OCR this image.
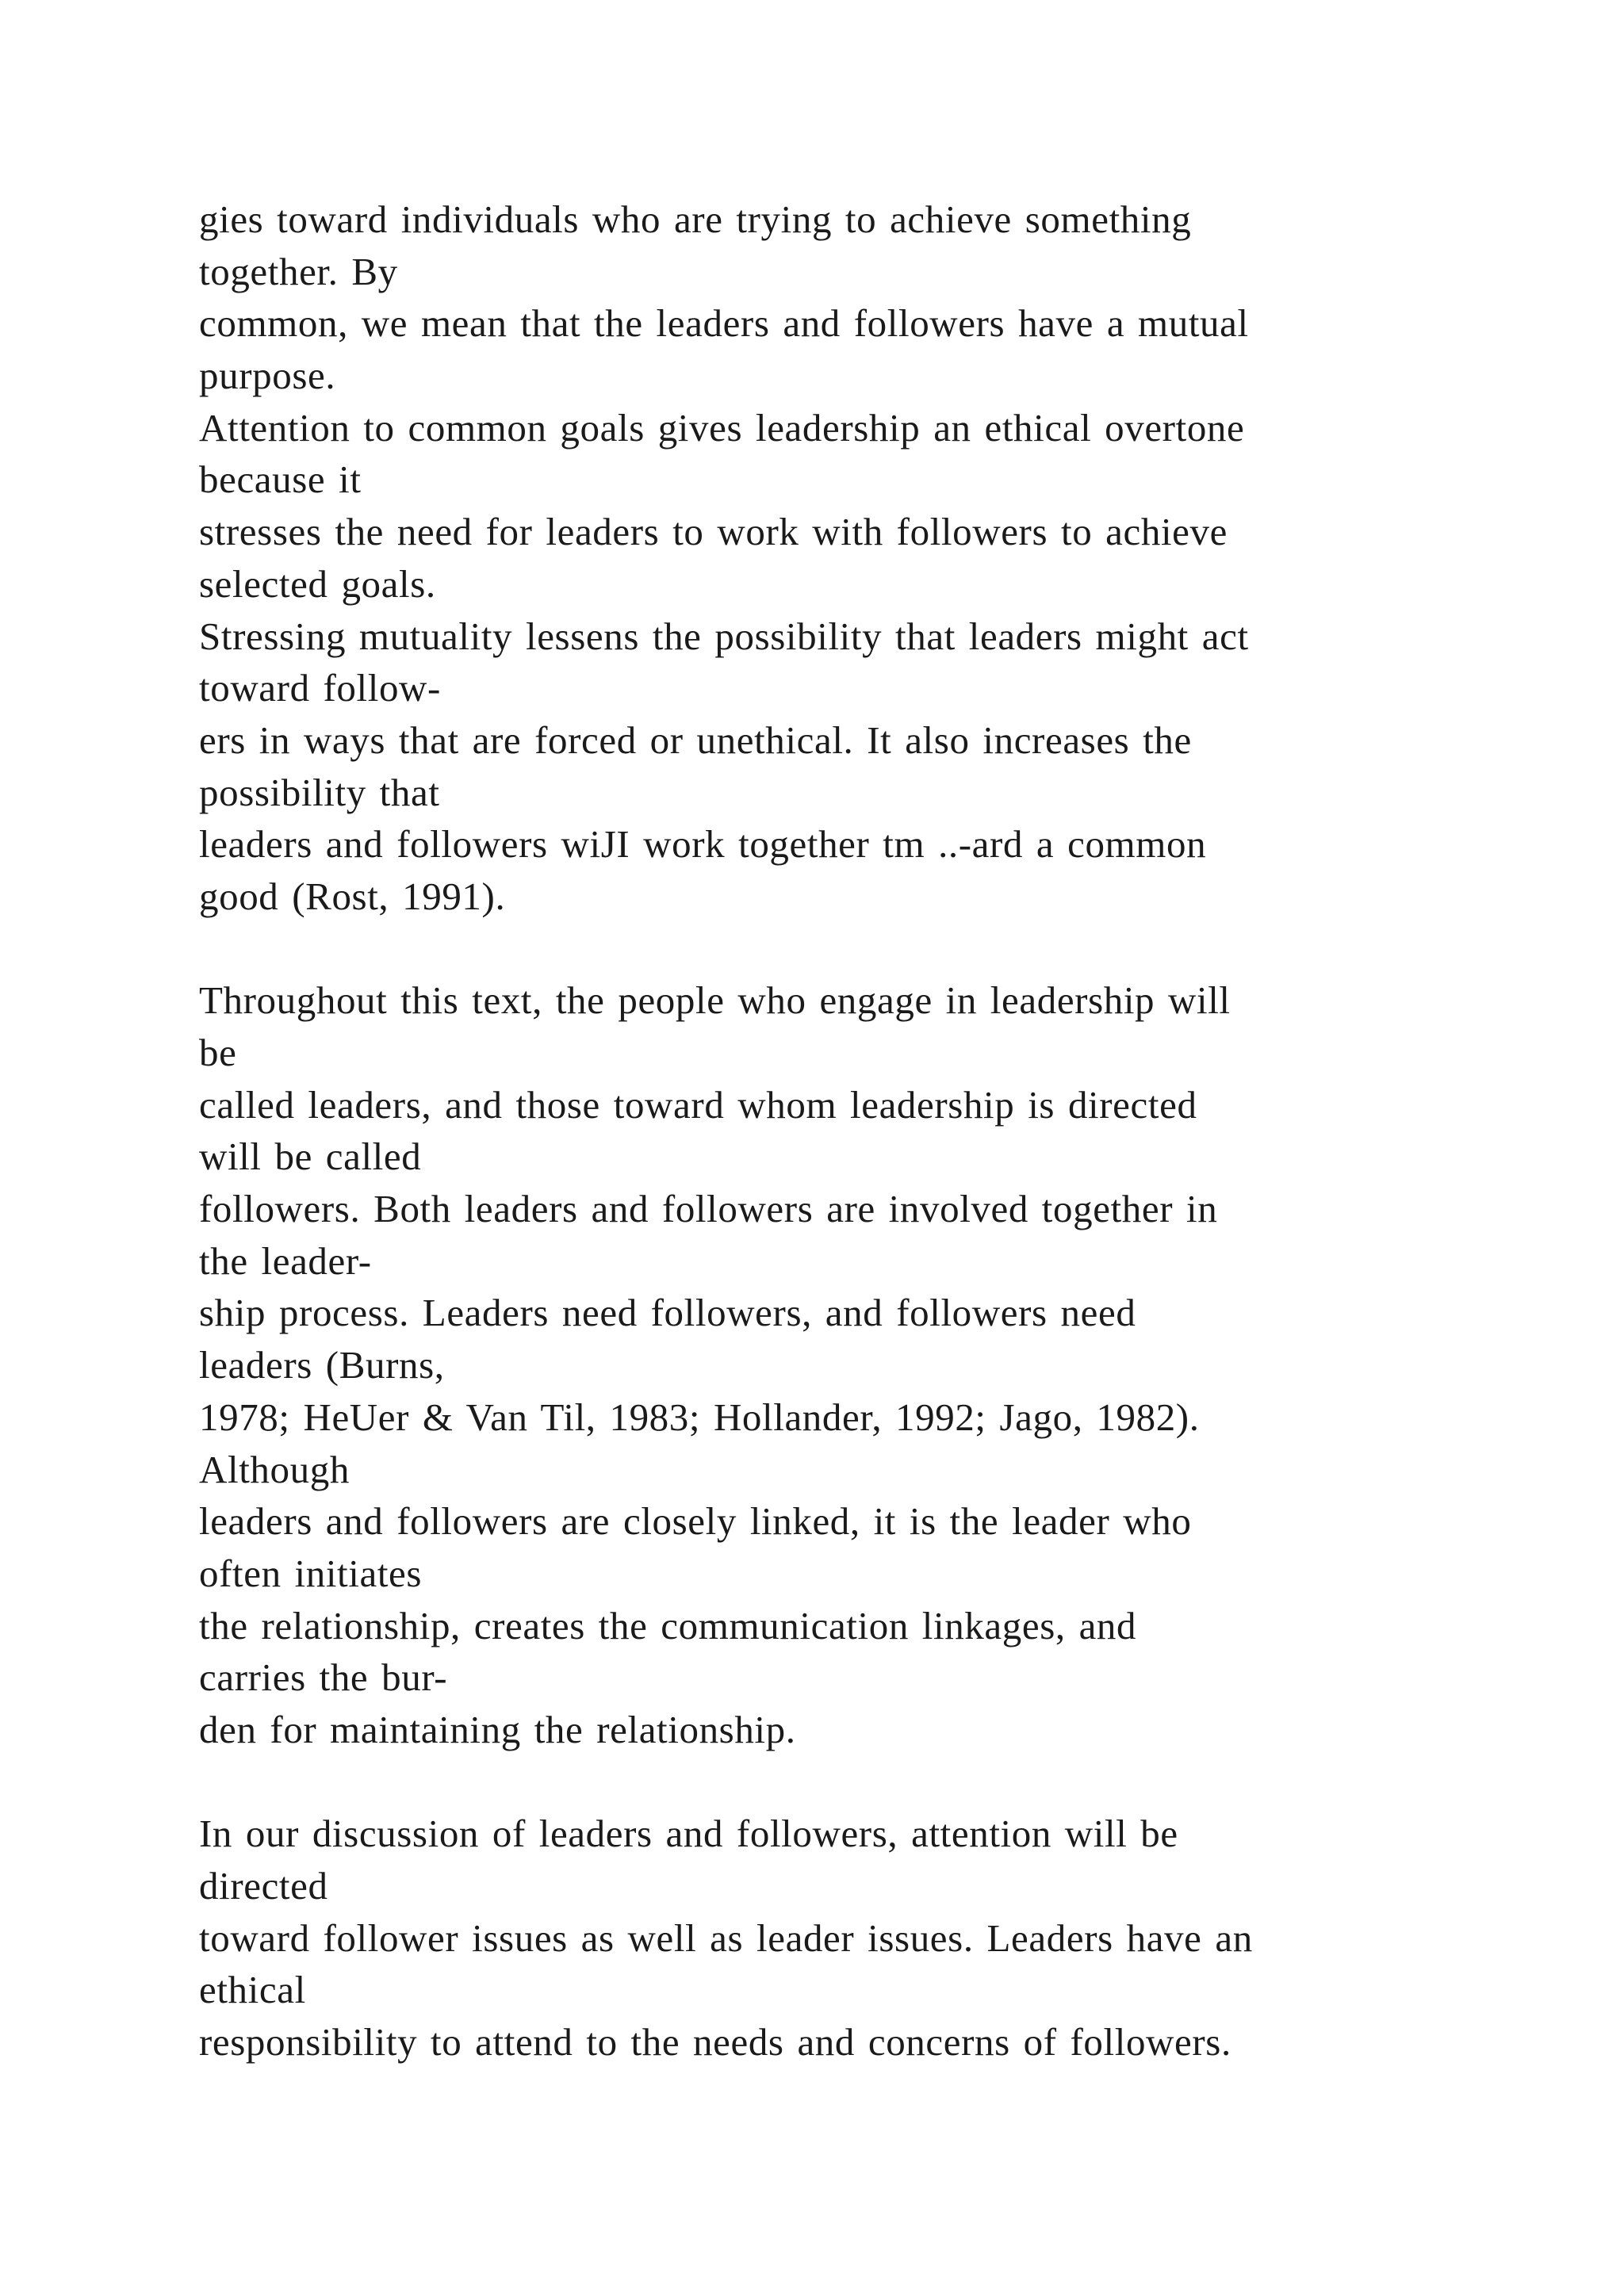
gies toward individuals who are trying to achieve something
together. By
common, we mean that the leaders and followers have a mutual
purpose.
Attention to common goals gives leadership an ethical overtone
because it
stresses the need for leaders to work with followers to achieve
selected goals.
Stressing mutuality lessens the possibility that leaders might act
toward follow-
ers in ways that are forced or unethical. It also increases the
possibility that
leaders and followers wiJI work together tm ..-ard a common
good (Rost, 1991).
Throughout this text, the people who engage in leadership will
be
called leaders, and those toward whom leadership is directed
will be called
followers. Both leaders and followers are involved together in
the leader-
ship process. Leaders need followers, and followers need
leaders (Burns,
1978; HeUer & Van Til, 1983; Hollander, 1992; Jago, 1982).
Although
leaders and followers are closely linked, it is the leader who
often initiates
the relationship, creates the communication linkages, and
carries the bur-
den for maintaining the relationship.
In our discussion of leaders and followers, attention will be
directed
toward follower issues as well as leader issues. Leaders have an
ethical
responsibility to attend to the needs and concerns of followers.
